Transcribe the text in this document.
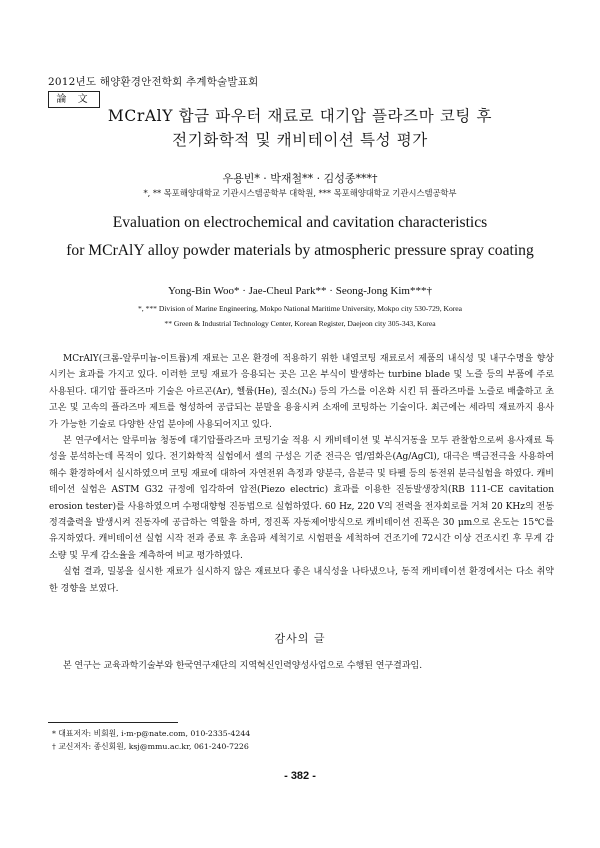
2012년도 해양환경안전학회 추계학술발표회
論 文
MCrAlY 합금 파우터 재료로 대기압 플라즈마 코팅 후
전기화학적 및 캐비테이션 특성 평가
우용빈* · 박재철** · 김성종***†
*, ** 목포해양대학교 기관시스템공학부 대학원, *** 목포해양대학교 기관시스템공학부
Evaluation on electrochemical and cavitation characteristics
for MCrAlY alloy powder materials by atmospheric pressure spray coating
Yong-Bin Woo* · Jae-Cheul Park** · Seong-Jong Kim***†
*, *** Division of Marine Engineering, Mokpo National Maritime University, Mokpo city 530-729, Korea
** Green & Industrial Technology Center, Korean Register, Daejeon city 305-343, Korea

MCrAlY(크롬-알루미늄-이트륨)계 재료는 고온 환경에 적용하기 위한 내열코팅 재료로서 제품의 내식성 및 내구수명을 향상시키는 효과를 가지고 있다. 이러한 코팅 재료가 응용되는 곳은 고온 부식이 발생하는 turbine blade 및 노즐 등의 부품에 주로 사용된다. 대기압 플라즈마 기술은 아르곤(Ar), 헬륨(He), 질소(N₂) 등의 가스를 이온화 시킨 뒤 플라즈마를 노즐로 배출하고 초고온 및 고속의 플라즈마 제트를 형성하여 공급되는 분말을 용융시켜 소재에 코팅하는 기술이다. 최근에는 세라믹 재료까지 용사가 가능한 기술로 다양한 산업 분야에 사용되어지고 있다.

본 연구에서는 알루미늄 청동에 대기압플라즈마 코팅기술 적용 시 캐비테이션 및 부식거동을 모두 관찰함으로써 용사재료 특성을 분석하는데 목적이 있다. 전기화학적 실험에서 셀의 구성은 기준 전극은 염/염화은(Ag/AgCl), 대극은 백금전극을 사용하여 해수 환경하에서 실시하였으며 코팅 재료에 대하여 자연전위 측정과 양분극, 음분극 및 타펠 등의 동전위 분극실험을 하였다. 캐비테이션 실험은 ASTM G32 규정에 입각하여 압전(Piezo electric) 효과를 이용한 진동발생장치(RB 111-CE cavitation erosion tester)를 사용하였으며 수평대향형 진동법으로 실험하였다. 60 Hz, 220 V의 전력을 전자회로를 거쳐 20 KHz의 전동 정격출력을 발생시켜 진동자에 공급하는 역할을 하며, 정진폭 자동제어방식으로 캐비테이션 진폭은 30 μm으로 온도는 15℃를 유지하였다. 캐비테이션 실험 시작 전과 종료 후 초음파 세척기로 시험편을 세척하여 건조기에 72시간 이상 건조시킨 후 무게 감소량 및 무게 감소율을 계측하여 비교 평가하였다.

실험 결과, 밀봉을 실시한 재료가 실시하지 않은 재료보다 좋은 내식성을 나타냈으나, 동적 캐비테이션 환경에서는 다소 취약한 경향을 보였다.

감사의 글
본 연구는 교육과학기술부와 한국연구재단의 지역혁신인력양성사업으로 수행된 연구결과임.
* 대표저자: 비회원, i-m-p@nate.com, 010-2335-4244
† 교신저자: 종신회원, ksj@mmu.ac.kr, 061-240-7226
- 382 -
